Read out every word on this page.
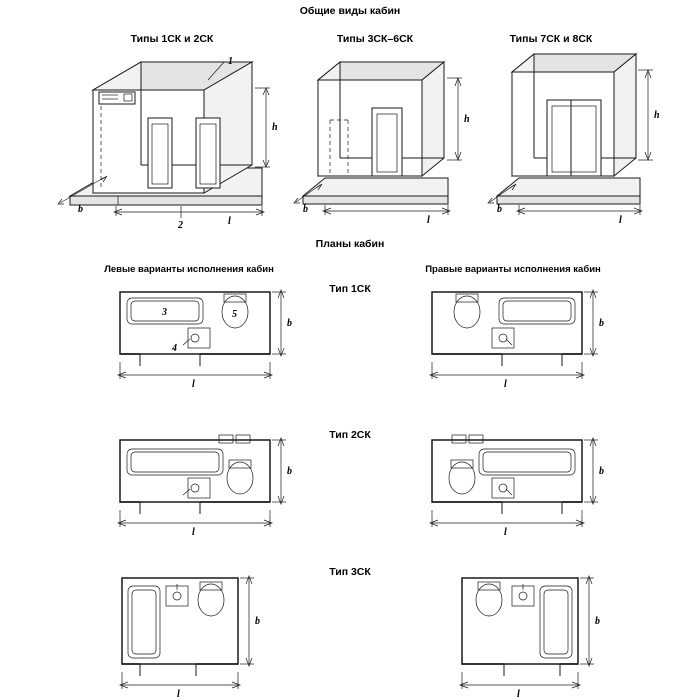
Общие виды кабин
Планы кабин
Типы 1СК и 2СК	Типы 3СК–6СК	Типы 7СК и 8СК
Левые варианты исполнения кабин	Правые варианты исполнения кабин
Тип 1СК
Тип 2СК
Тип 3СК
1
2
h
b
l
h
b
l
h
b
l
3
4
5
b
l
b
l
b
l
b
l
b
l
b
l
